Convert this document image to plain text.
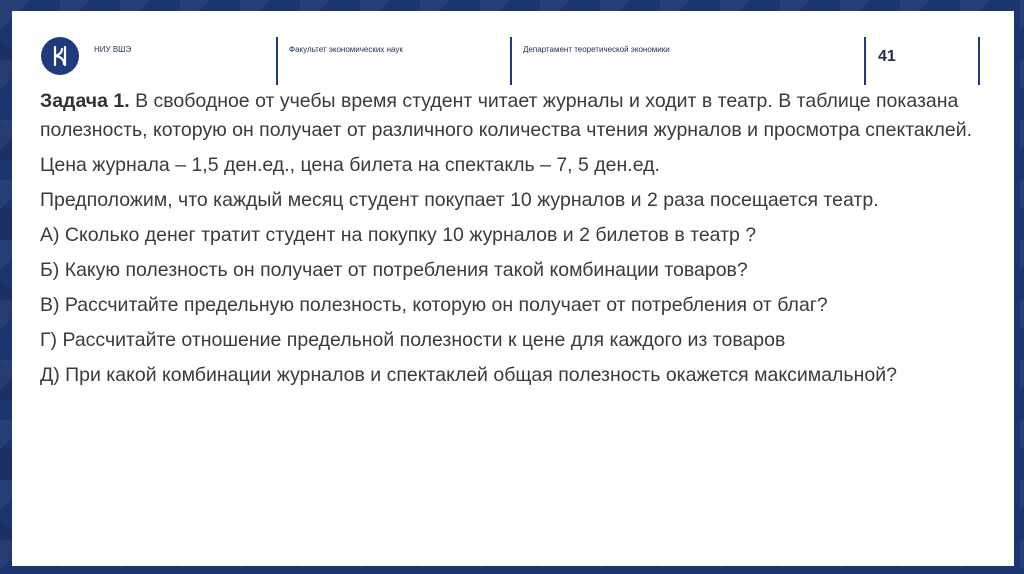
НИУ ВШЭ	Факультет экономических наук	Департамент теоретической экономики	41

Задача 1. В свободное от учебы время студент читает журналы и ходит в театр. В таблице показана полезность, которую он получает от различного количества чтения журналов и просмотра спектаклей.

Цена журнала – 1,5 ден.ед., цена билета на спектакль – 7, 5 ден.ед.

Предположим, что каждый месяц студент покупает 10 журналов и 2 раза посещается театр.

А) Сколько денег тратит студент на покупку 10 журналов и 2 билетов в театр ?

Б) Какую полезность он получает от потребления такой комбинации товаров?

В) Рассчитайте предельную полезность, которую он получает от потребления от благ?

Г) Рассчитайте отношение предельной полезности к цене для каждого из товаров

Д) При какой комбинации журналов и спектаклей общая полезность окажется максимальной?
